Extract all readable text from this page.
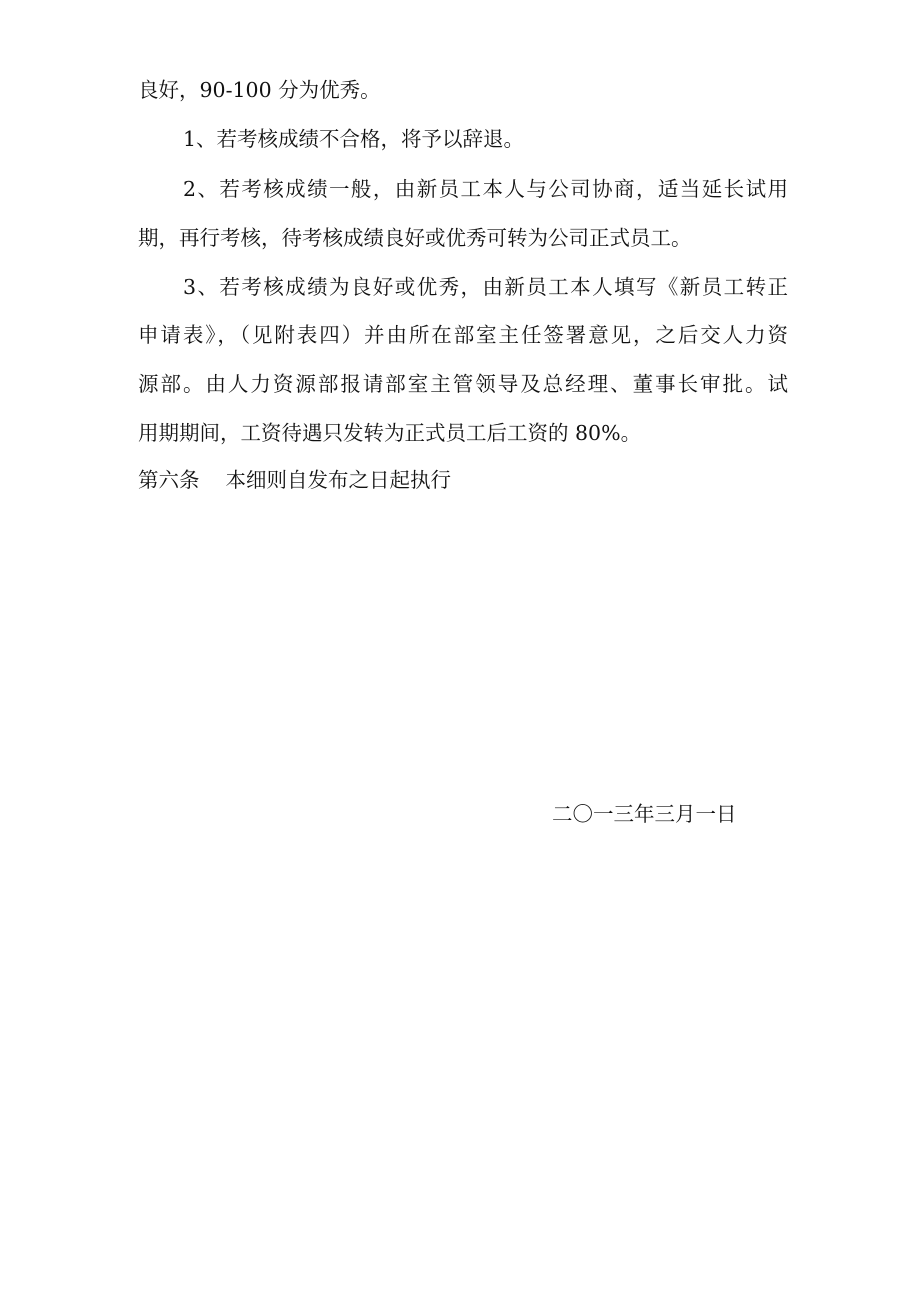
良好，90-100 分为优秀。
1、若考核成绩不合格，将予以辞退。
2、若考核成绩一般，由新员工本人与公司协商，适当延长试用
期，再行考核，待考核成绩良好或优秀可转为公司正式员工。
3、若考核成绩为良好或优秀，由新员工本人填写《新员工转正
申请表》，（见附表四）并由所在部室主任签署意见，之后交人力资
源部。由人力资源部报请部室主管领导及总经理、董事长审批。试
用期期间，工资待遇只发转为正式员工后工资的 80%。
第六条 本细则自发布之日起执行
二〇一三年三月一日
